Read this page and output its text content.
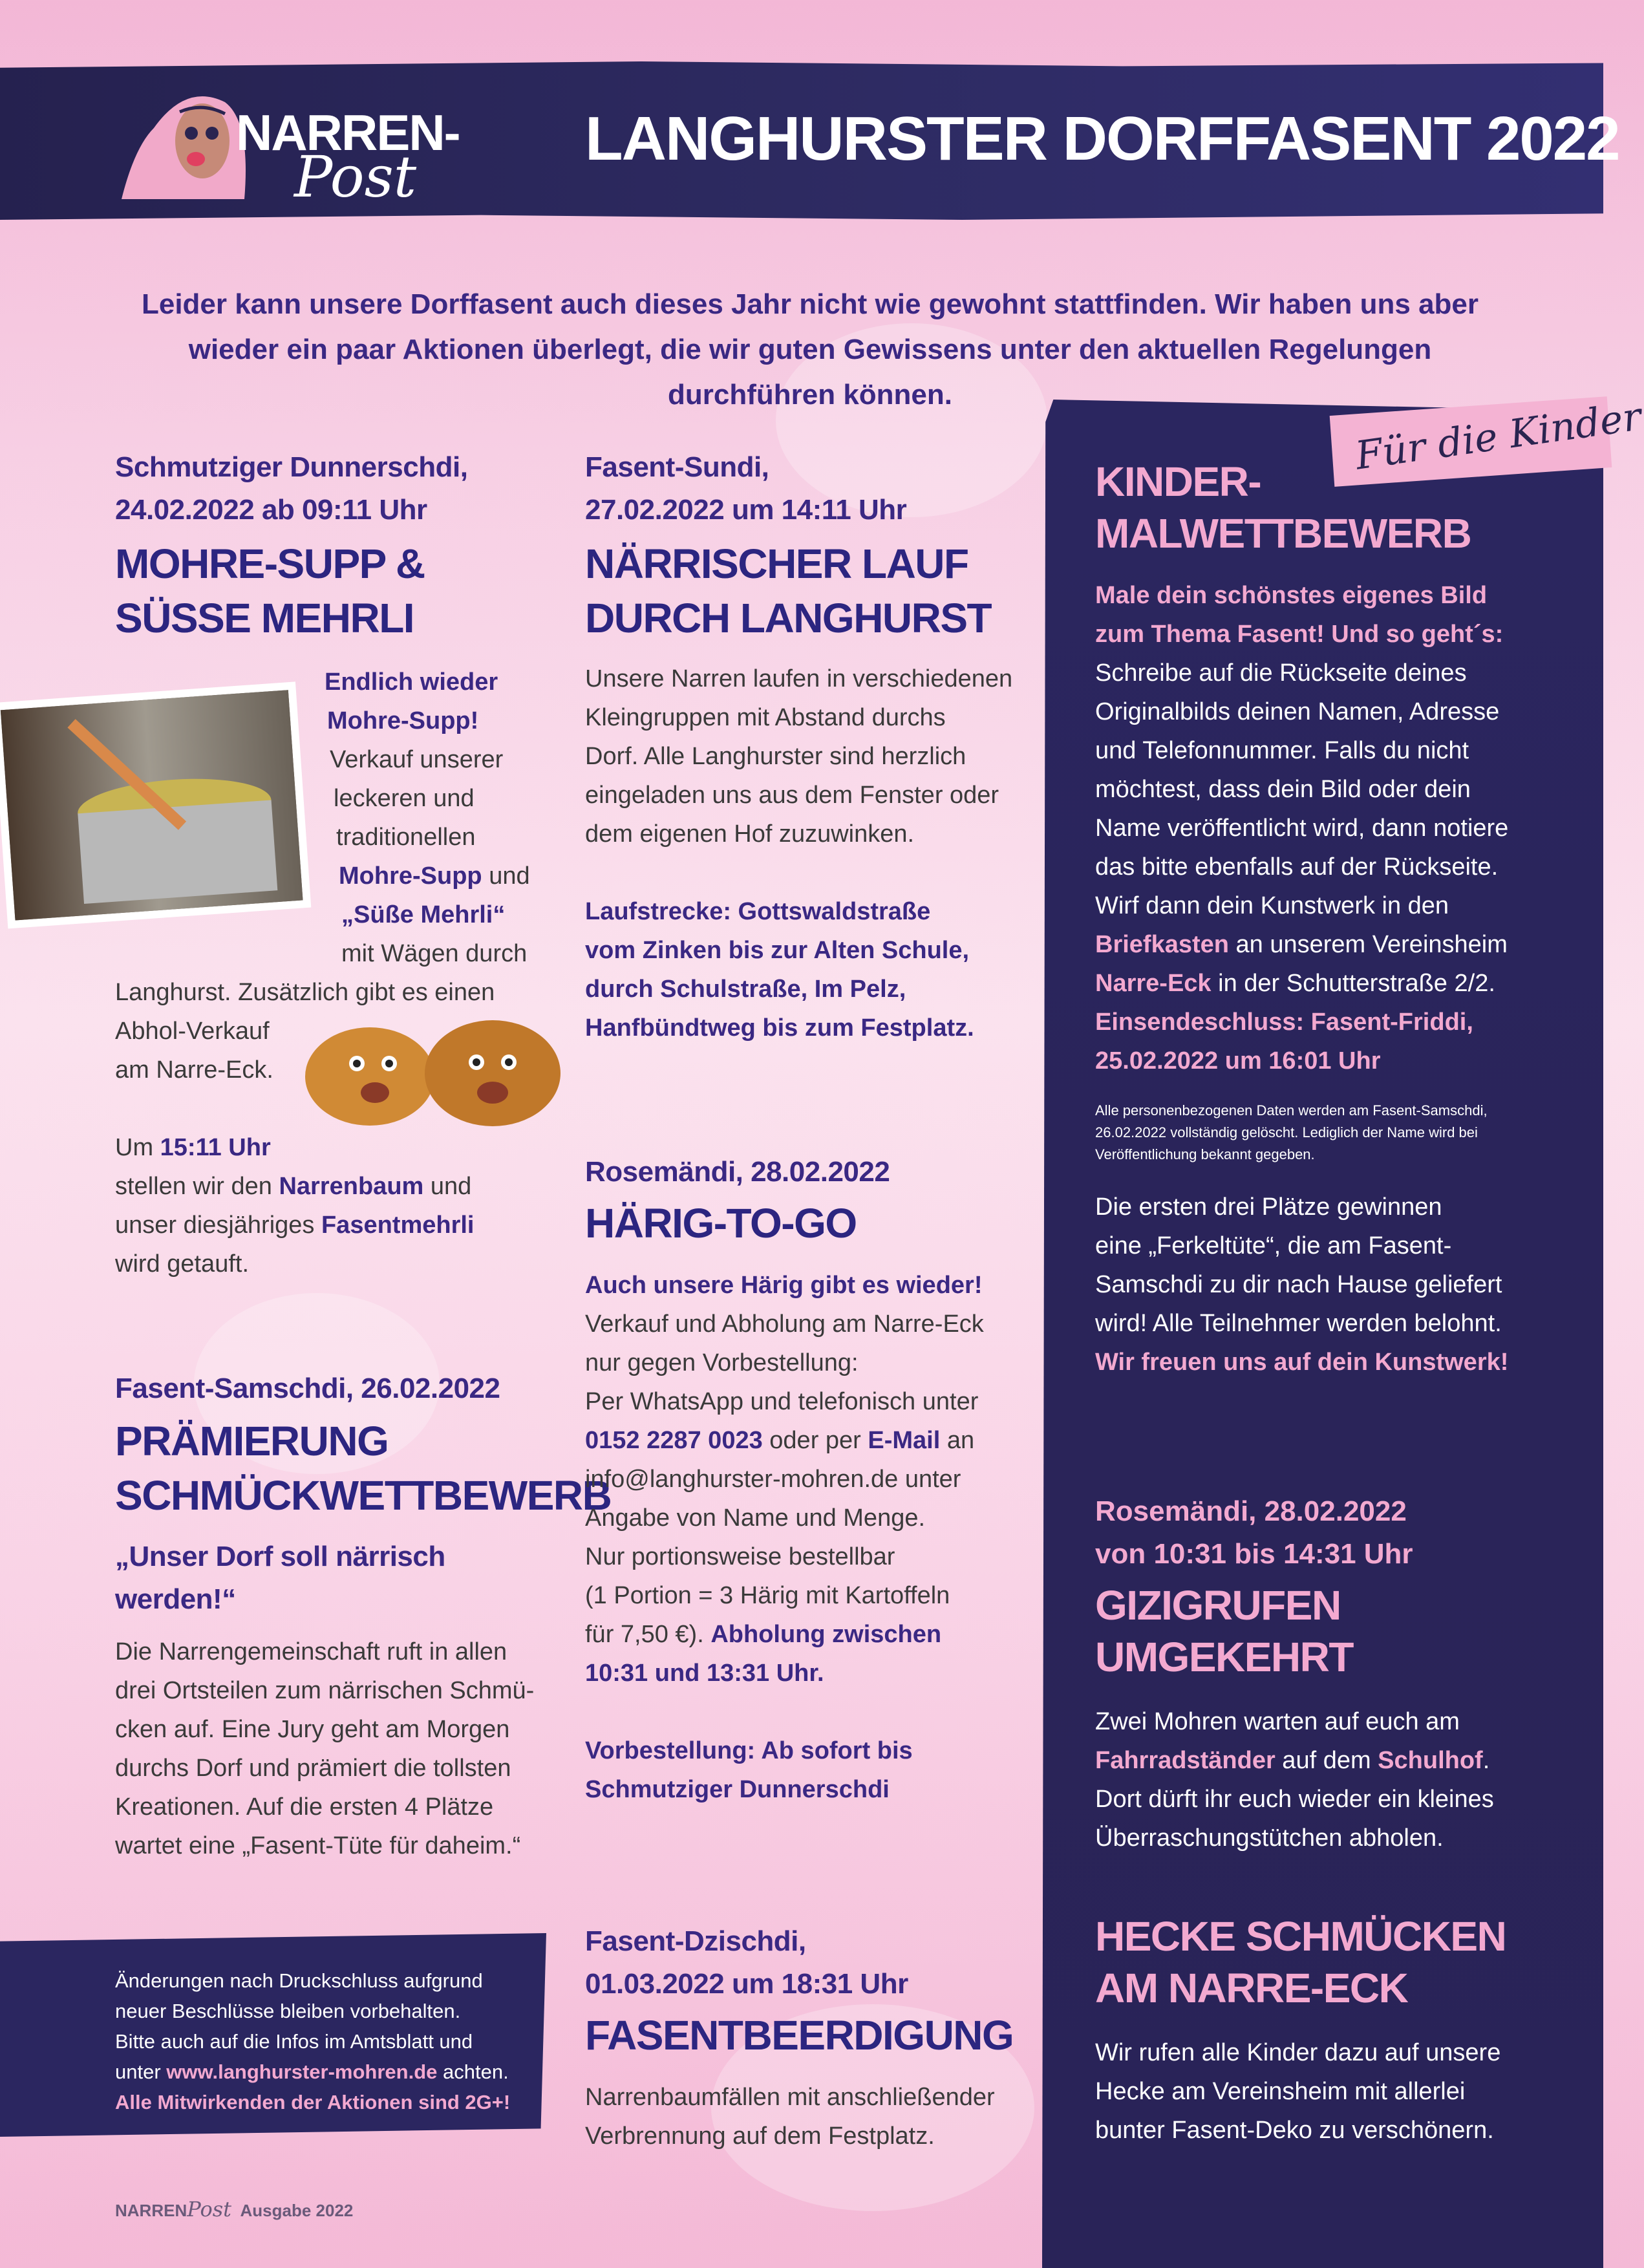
NARREN-
Post
LANGHURSTER DORFFASENT 2022
Leider kann unsere Dorffasent auch dieses Jahr nicht wie gewohnt stattfinden. Wir haben uns aber wieder ein paar Aktionen überlegt, die wir guten Gewissens unter den aktuellen Regelungen durchführen können.
Schmutziger Dunnerschdi,
24.02.2022 ab 09:11 Uhr
MOHRE-SUPP &
SÜSSE MEHRLI
Endlich wieder
Mohre-Supp!
Verkauf unserer
leckeren und
traditionellen
Mohre-Supp und
„Süße Mehrli“
mit Wägen durch
Langhurst. Zusätzlich gibt es einen
Abhol-Verkauf
am Narre-Eck.
Um 15:11 Uhr
stellen wir den Narrenbaum und
unser diesjähriges Fasentmehrli
wird getauft.
Fasent-Samschdi, 26.02.2022
PRÄMIERUNG
SCHMÜCKWETTBEWERB
„Unser Dorf soll närrisch werden!“
Die Narrengemeinschaft ruft in allen
drei Ortsteilen zum närrischen Schmü-
cken auf. Eine Jury geht am Morgen
durchs Dorf und prämiert die tollsten
Kreationen. Auf die ersten 4 Plätze
wartet eine „Fasent-Tüte für daheim.“
Änderungen nach Druckschluss aufgrund
neuer Beschlüsse bleiben vorbehalten.
Bitte auch auf die Infos im Amtsblatt und
unter www.langhurster-mohren.de achten.
Alle Mitwirkenden der Aktionen sind 2G+!
NARRENPost Ausgabe 2022
Fasent-Sundi,
27.02.2022 um 14:11 Uhr
NÄRRISCHER LAUF
DURCH LANGHURST
Unsere Narren laufen in verschiedenen
Kleingruppen mit Abstand durchs
Dorf. Alle Langhurster sind herzlich
eingeladen uns aus dem Fenster oder
dem eigenen Hof zuzuwinken.
Laufstrecke: Gottswaldstraße
vom Zinken bis zur Alten Schule,
durch Schulstraße, Im Pelz,
Hanfbündtweg bis zum Festplatz.
Rosemändi, 28.02.2022
HÄRIG-TO-GO
Auch unsere Härig gibt es wieder!
Verkauf und Abholung am Narre-Eck
nur gegen Vorbestellung:
Per WhatsApp und telefonisch unter
0152 2287 0023 oder per E-Mail an
info@langhurster-mohren.de unter
Angabe von Name und Menge.
Nur portionsweise bestellbar
(1 Portion = 3 Härig mit Kartoffeln
für 7,50 €). Abholung zwischen
10:31 und 13:31 Uhr.
Vorbestellung: Ab sofort bis
Schmutziger Dunnerschdi
Fasent-Dzischdi,
01.03.2022 um 18:31 Uhr
FASENTBEERDIGUNG
Narrenbaumfällen mit anschließender
Verbrennung auf dem Festplatz.
Für die Kinder
KINDER-
MALWETTBEWERB
Male dein schönstes eigenes Bild
zum Thema Fasent! Und so geht´s:
Schreibe auf die Rückseite deines
Originalbilds deinen Namen, Adresse
und Telefonnummer. Falls du nicht
möchtest, dass dein Bild oder dein
Name veröffentlicht wird, dann notiere
das bitte ebenfalls auf der Rückseite.
Wirf dann dein Kunstwerk in den
Briefkasten an unserem Vereinsheim
Narre-Eck in der Schutterstraße 2/2.
Einsendeschluss: Fasent-Friddi,
25.02.2022 um 16:01 Uhr
Alle personenbezogenen Daten werden am Fasent-Samschdi,
26.02.2022 vollständig gelöscht. Lediglich der Name wird bei
Veröffentlichung bekannt gegeben.
Die ersten drei Plätze gewinnen
eine „Ferkeltüte“, die am Fasent-
Samschdi zu dir nach Hause geliefert
wird! Alle Teilnehmer werden belohnt.
Wir freuen uns auf dein Kunstwerk!
Rosemändi, 28.02.2022
von 10:31 bis 14:31 Uhr
GIZIGRUFEN UMGEKEHRT
Zwei Mohren warten auf euch am
Fahrradständer auf dem Schulhof.
Dort dürft ihr euch wieder ein kleines
Überraschungstütchen abholen.
HECKE SCHMÜCKEN
AM NARRE-ECK
Wir rufen alle Kinder dazu auf unsere
Hecke am Vereinsheim mit allerlei
bunter Fasent-Deko zu verschönern.
